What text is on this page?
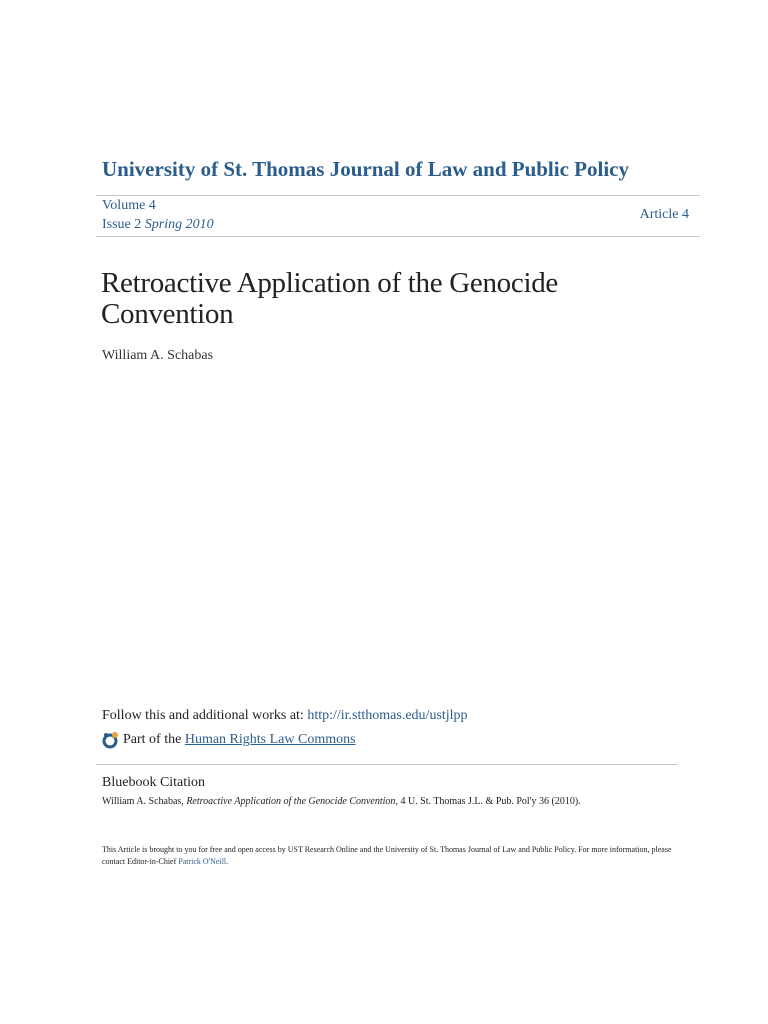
University of St. Thomas Journal of Law and Public Policy
Volume 4
Issue 2 Spring 2010
Article 4
Retroactive Application of the Genocide Convention
William A. Schabas
Follow this and additional works at: http://ir.stthomas.edu/ustjlpp
Part of the
Human Rights Law Commons
Bluebook Citation
William A. Schabas, Retroactive Application of the Genocide Convention, 4 U. St. Thomas J.L. & Pub. Pol'y 36 (2010).
This Article is brought to you for free and open access by UST Research Online and the University of St. Thomas Journal of Law and Public Policy. For more information, please contact Editor-in-Chief Patrick O'Neill.
